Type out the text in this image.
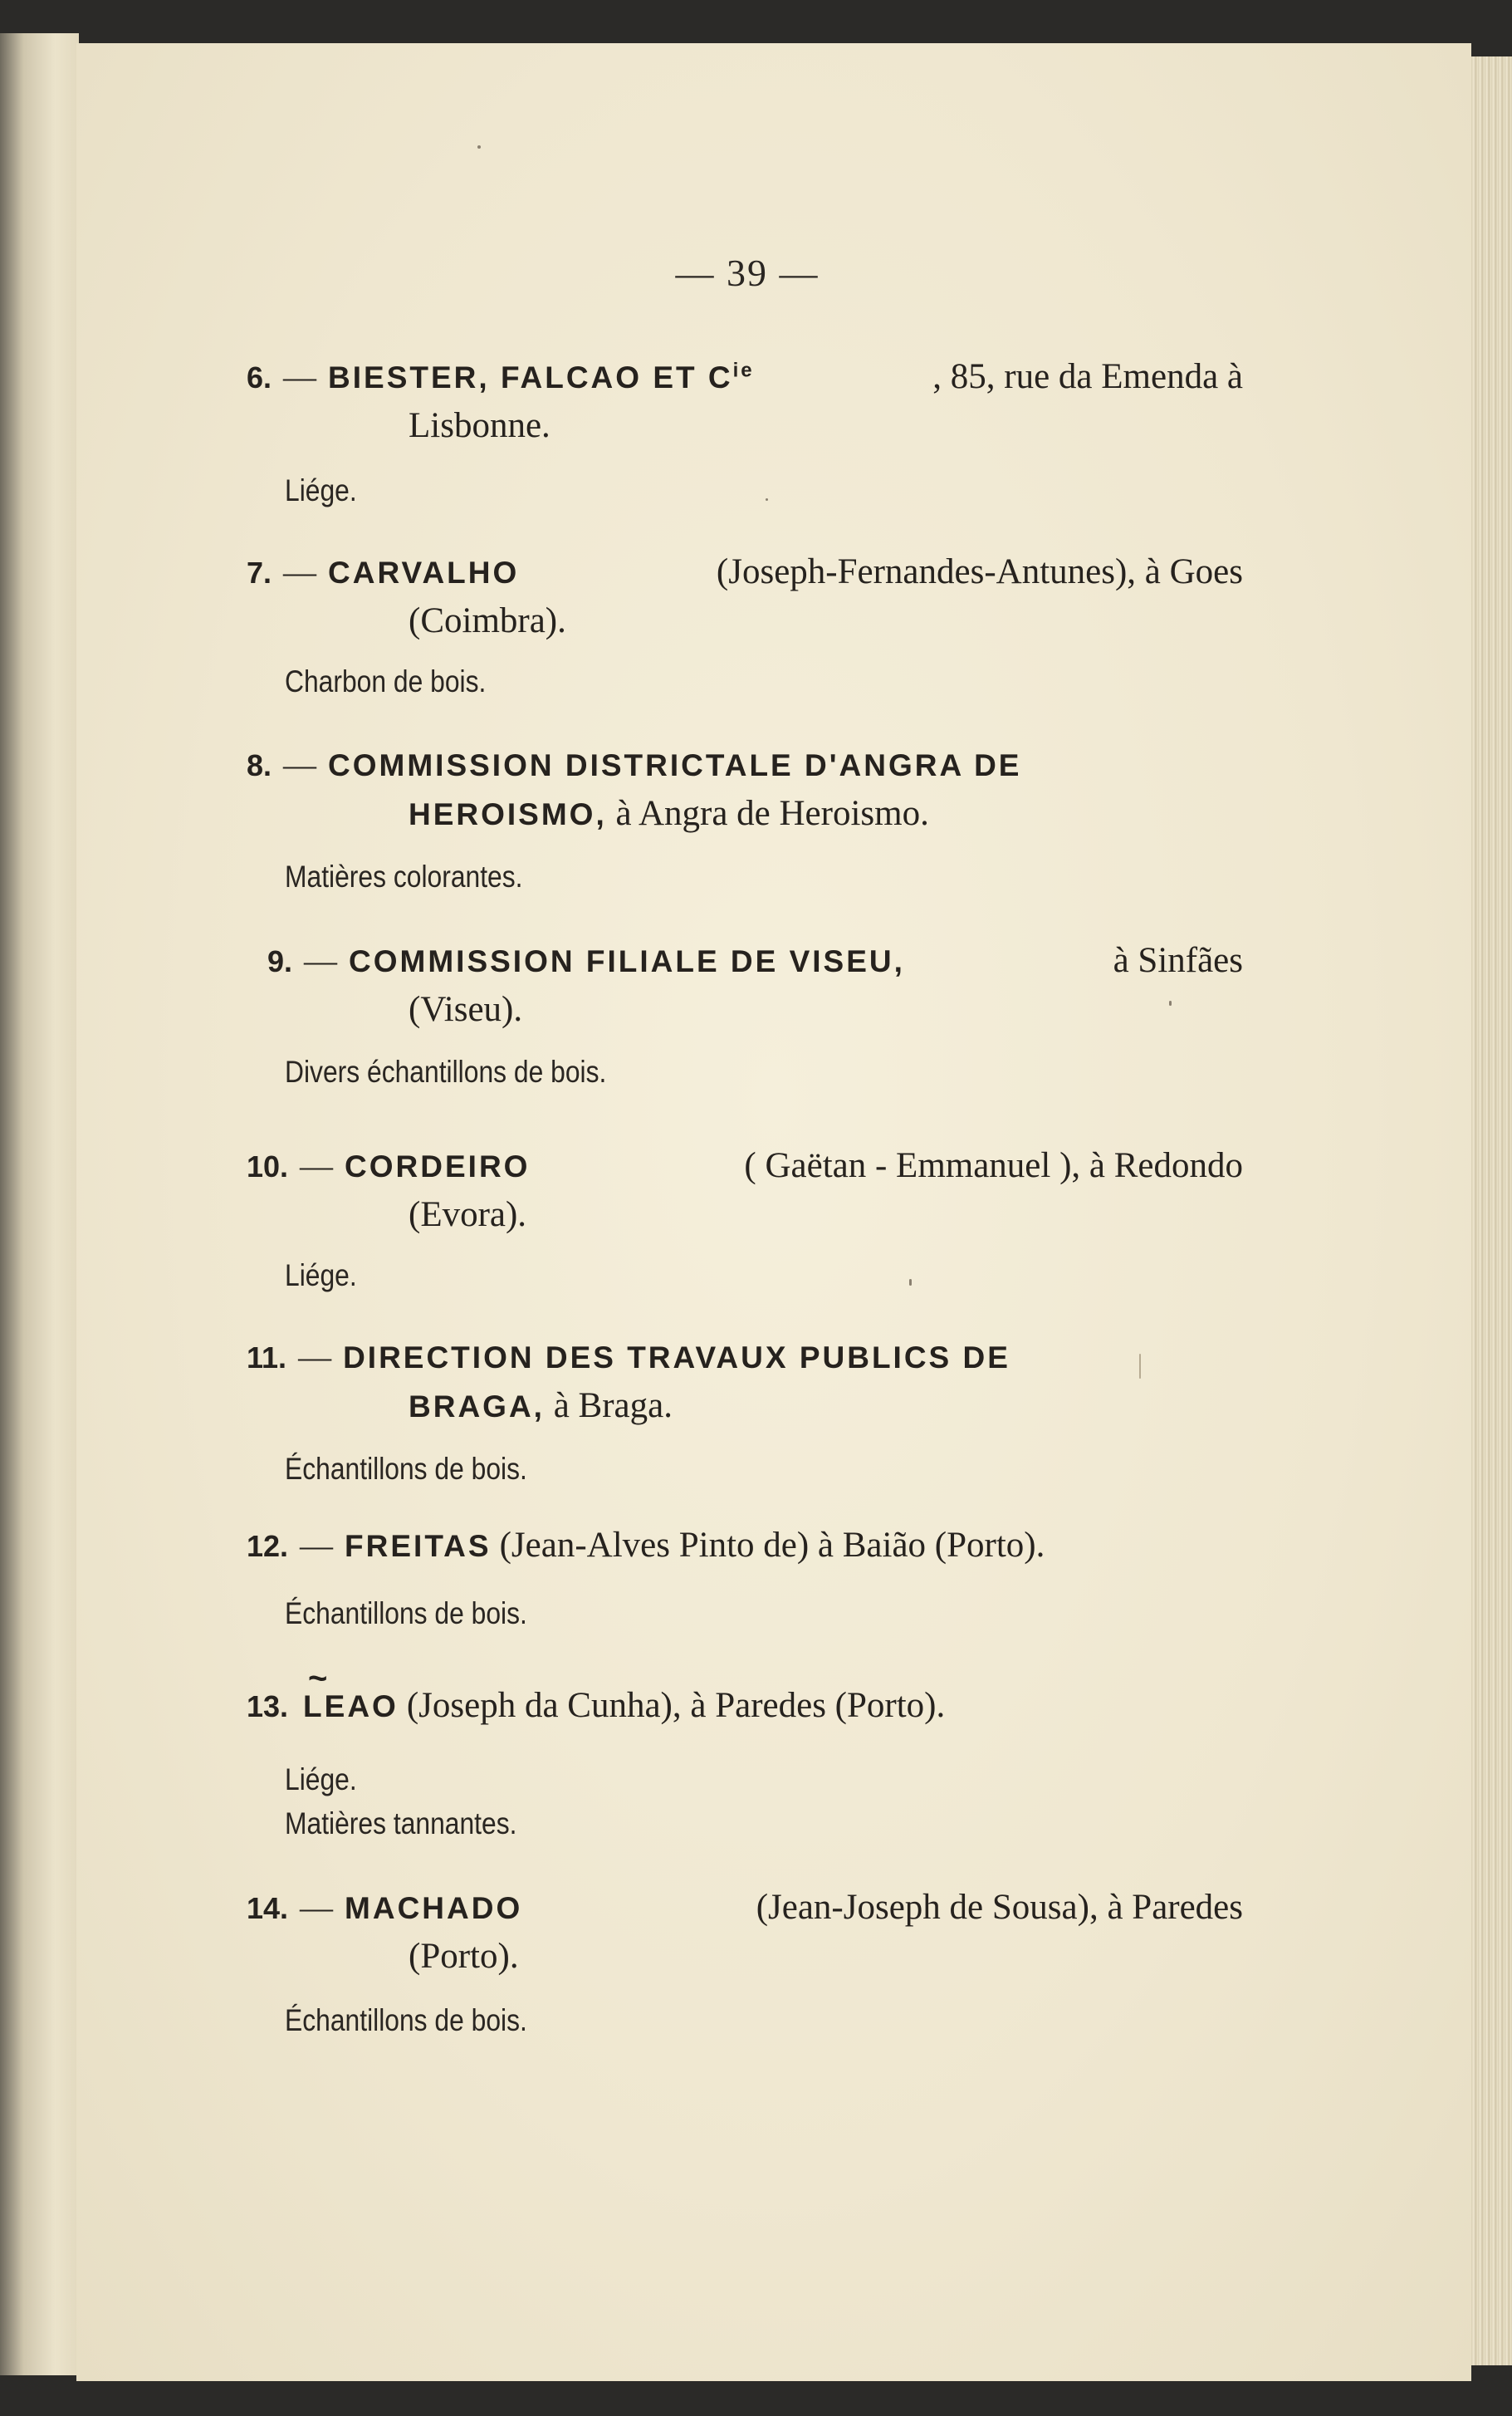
— 39 —
6. — BIESTER, FALCAO ET $C^{ie}$	, 85, rue da Emenda à
Lisbonne.
Liége.
7. — CARVALHO	(Joseph-Fernandes-Antunes), à Goes
(Coimbra).
Charbon de bois.
8. — COMMISSION DISTRICTALE D'ANGRA DE
HEROISMO, à Angra de Heroismo.
Matières colorantes.
9. — COMMISSION FILIALE DE VISEU,	à Sinfães
(Viseu).
Divers échantillons de bois.
10. — CORDEIRO	( Gaëtan - Emmanuel ), à Redondo
(Evora).
Liége.
11. — DIRECTION DES TRAVAUX PUBLICS DE
BRAGA, à Braga.
Échantillons de bois.
12. — FREITAS (Jean-Alves Pinto de) à Baião (Porto).
Échantillons de bois.
13.
~ LEAO (Joseph da Cunha), à Paredes (Porto).
Liége.
Matières tannantes.
14. — MACHADO	(Jean-Joseph de Sousa), à Paredes
(Porto).
Échantillons de bois.
